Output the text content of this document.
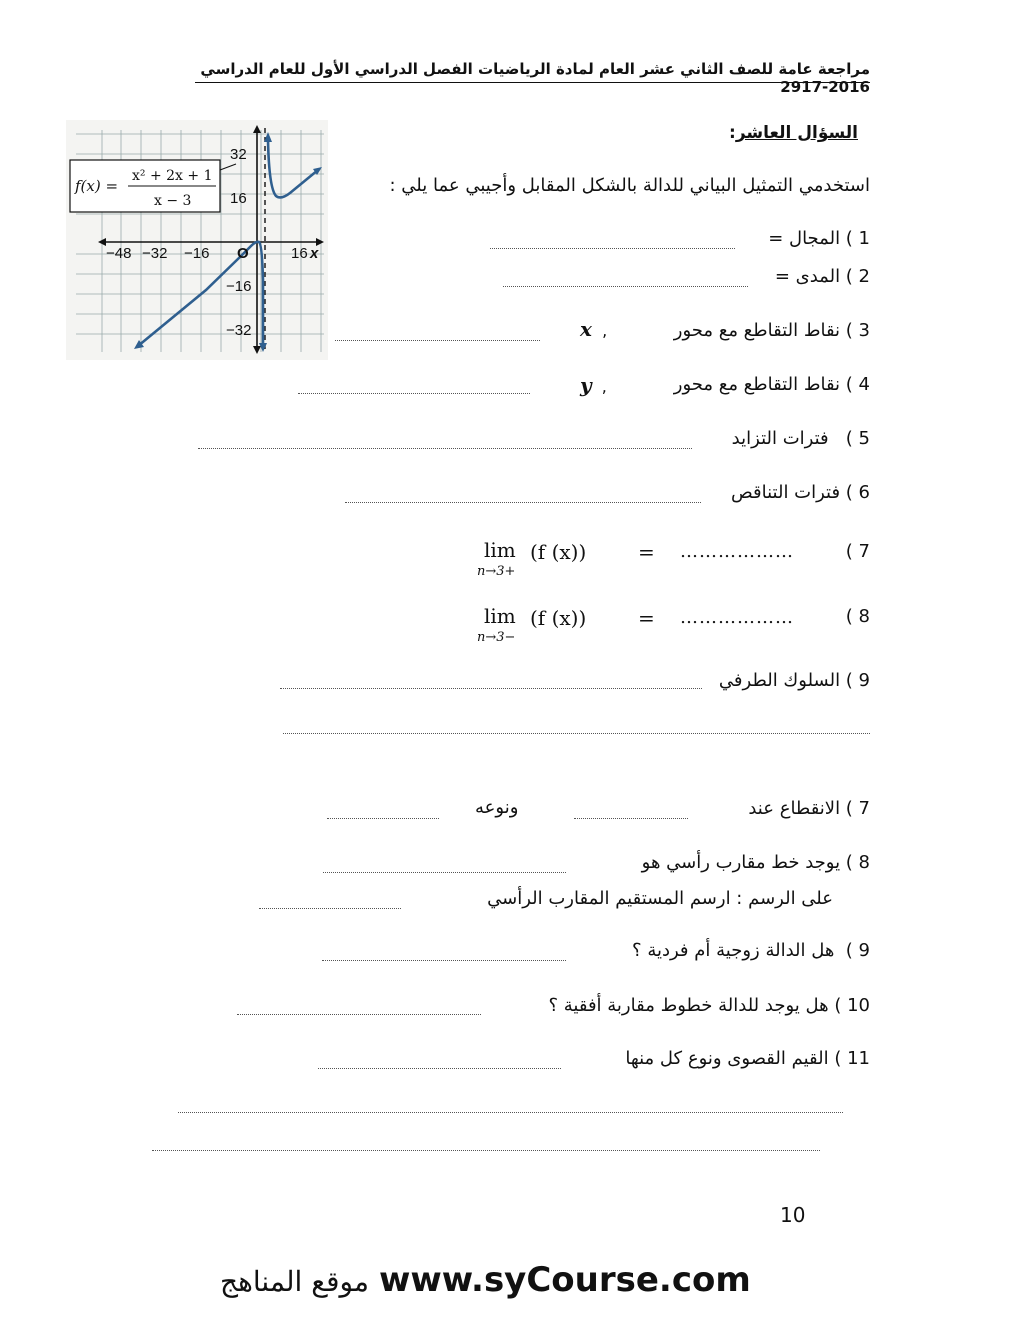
مراجعة عامة للصف الثاني عشر العام لمادة الرياضيات الفصل الدراسي الأول للعام الدراسي 2016-2917
32
16
−16
−32
−48 −32 −16 O	16 x
f(x) =
x² + 2x + 1
x − 3
السؤال العاشر:
استخدمي التمثيل البياني للدالة بالشكل المقابل وأجيبي عما يلي :
1 ) المجال =
2 ) المدى =
3 ) نقاط التقاطع مع محور
x  ,
4 ) نقاط التقاطع مع محور
y  ,
5 )   فترات التزايد
6 ) فترات التناقص
7 )
lim
n→3+
(f (x))	= ………………
8 )
lim
n→3−
(f (x))	= ………………
9 ) السلوك الطرفي
7 ) الانقطاع عند
ونوعه
8 ) يوجد خط مقارب رأسي هو
على الرسم : ارسم المستقيم المقارب الرأسي
9 )  هل الدالة زوجية أم فردية ؟
10 ) هل يوجد للدالة خطوط مقاربة أفقية ؟
11 ) القيم القصوى ونوع كل منها
10
موقع المناهج www.syCourse.com
